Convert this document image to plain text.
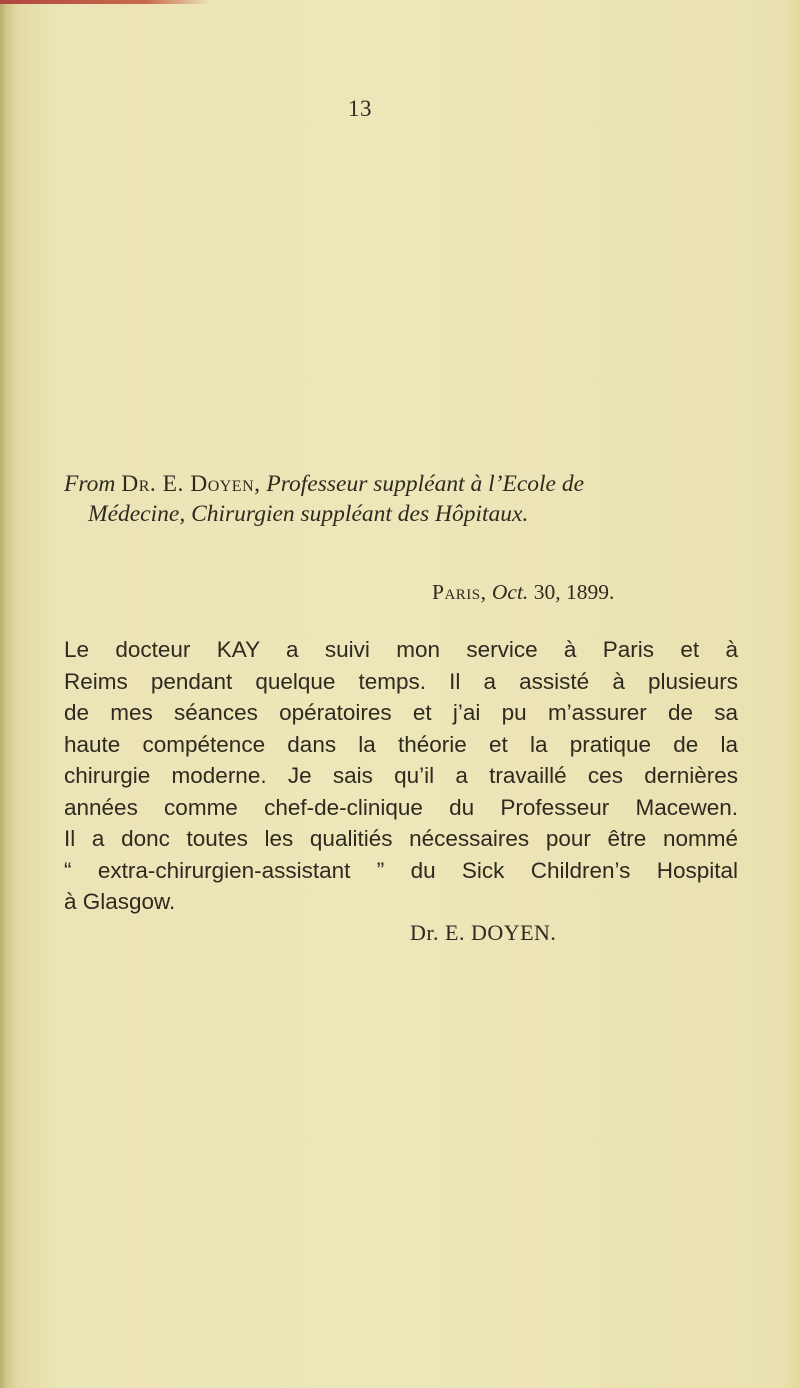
13
From Dr. E. Doyen, Professeur suppléant à l’Ecole de
Médecine, Chirurgien suppléant des Hôpitaux.
Paris, Oct. 30, 1899.
Le docteur KAY a suivi mon service à Paris et à
Reims pendant quelque temps. Il a assisté à plusieurs
de mes séances opératoires et j’ai pu m’assurer de sa
haute compétence dans la théorie et la pratique de la
chirurgie moderne. Je sais qu’il a travaillé ces dernières
années comme chef-de-clinique du Professeur Macewen.
Il a donc toutes les qualitiés nécessaires pour être nommé
“ extra-chirurgien-assistant ” du Sick Children’s Hospital
à Glasgow.
Dr. E. DOYEN.
